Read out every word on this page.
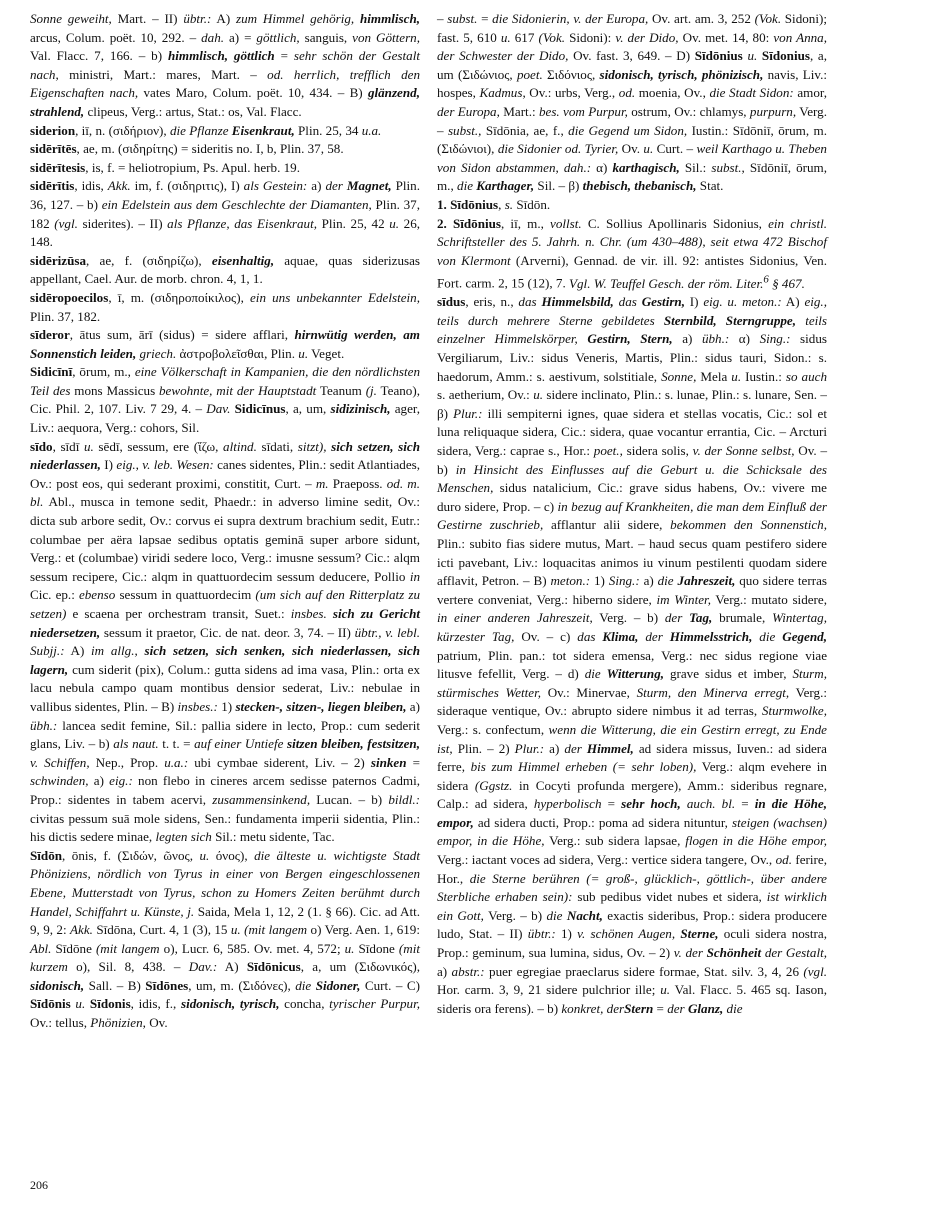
Sonne geweiht, Mart. – II) übtr.: A) zum Himmel gehörig, himmlisch, arcus, Colum. poët. 10, 292. – dah. a) = göttlich, sanguis, von Göttern, Val. Flacc. 7, 166. – b) himmlisch, göttlich = sehr schön der Gestalt nach, ministri, Mart.: mares, Mart. – od. herrlich, trefflich den Eigenschaften nach, vates Maro, Colum. poët. 10, 434. – B) glänzend, strahlend, clipeus, Verg.: artus, Stat.: os, Val. Flacc.

siderion, iī, n. (σιδήριον), die Pflanze Eisenkraut, Plin. 25, 34 u.a.

sidērītēs, ae, m. (σιδηρίτης) = sideritis no. I, b, Plin. 37, 58.

sidērītesis, is, f. = heliotropium, Ps. Apul. herb. 19.

sidērītis, idis, Akk. im, f. (σιδηριτις), I) als Gestein: a) der Magnet, Plin. 36, 127. – b) ein Edelstein aus dem Geschlechte der Diamanten, Plin. 37, 182 (vgl. siderites). – II) als Pflanze, das Eisenkraut, Plin. 25, 42 u. 26, 148.

sidērizūsa, ae, f. (σιδηρίζω), eisenhaltig, aquae, quas siderizusas appellant, Cael. Aur. de morb. chron. 4, 1, 1.

sidēropoecilos, ī, m. (σιδηροποίκιλος), ein uns unbekannter Edelstein, Plin. 37, 182.

sīderor, ātus sum, ārī (sidus) = sidere afflari, hirnwütig werden, am Sonnenstich leiden, griech. ἀστροβολεῖσθαι, Plin. u. Veget.

Sidicīnī, ōrum, m., eine Völkerschaft in Kampanien, die den nördlichsten Teil des mons Massicus bewohnte, mit der Hauptstadt Teanum (j. Teano), Cic. Phil. 2, 107. Liv. 7 29, 4. – Dav. Sidicīnus, a, um, sidizinisch, ager, Liv.: aequora, Verg.: cohors, Sil.

sīdo, sīdī u. sēdī, sessum, ere (ἵζω, altind. sīdati, sitzt), sich setzen, sich niederlassen, I) eig., v. leb. Wesen: canes sidentes, Plin.: sedit Atlantiades, Ov.: post eos, qui sederant proximi, constitit, Curt. – m. Praeposs. od. m. bl. Abl., musca in temone sedit, Phaedr.: in adverso limine sedit, Ov.: dicta sub arbore sedit, Ov.: corvus ei supra dextrum brachium sedit, Eutr.: columbae per aëra lapsae sedibus optatis geminā super arbore sidunt, Verg.: et (columbae) viridi sedere loco, Verg.: imusne sessum? Cic.: alqm sessum recipere, Cic.: alqm in quattuordecim sessum deducere, Pollio in Cic. ep.: ebenso sessum in quattuordecim (um sich auf den Ritterplatz zu setzen) e scaena per orchestram transit, Suet.: insbes. sich zu Gericht niedersetzen, sessum it praetor, Cic. de nat. deor. 3, 74. – II) übtr., v. lebl. Subjj.: A) im allg., sich setzen, sich senken, sich niederlassen, sich lagern, cum siderit (pix), Colum.: gutta sidens ad ima vasa, Plin.: orta ex lacu nebula campo quam montibus densior sederat, Liv.: nebulae in vallibus sidentes, Plin. – B) insbes.: 1) stecken-, sitzen-, liegen bleiben, a) übh.: lancea sedit femine, Sil.: pallia sidere in lecto, Prop.: cum sederit glans, Liv. – b) als naut. t. t. = auf einer Untiefe sitzen bleiben, festsitzen, v. Schiffen, Nep., Prop. u.a.: ubi cymbae siderent, Liv. – 2) sinken = schwinden, a) eig.: non flebo in cineres arcem sedisse paternos Cadmi, Prop.: sidentes in tabem acervi, zusammensinkend, Lucan. – b) bildl.: civitas pessum suā mole sidens, Sen.: fundamenta imperii sidentia, Plin.: his dictis sedere minae, legten sich Sil.: metu sidente, Tac.

Sīdōn, ōnis, f. (Σιδών, ῶνος, u. όνος), die älteste u. wichtigste Stadt Phöniziens, nördlich von Tyrus in einer von Bergen eingeschlossenen Ebene, Mutterstadt von Tyrus, schon zu Homers Zeiten berühmt durch Handel, Schiffahrt u. Künste, j. Saida, Mela 1, 12, 2 (1. § 66). Cic. ad Att. 9, 9, 2: Akk. Sīdōna, Curt. 4, 1 (3), 15 u. (mit langem o) Verg. Aen. 1, 619: Abl. Sīdōne (mit langem o), Lucr. 6, 585. Ov. met. 4, 572; u. Sīdone (mit kurzem o), Sil. 8, 438. – Dav.: A) Sīdōnicus, a, um (Σιδωνικός), sidonisch, Sall. – B) Sīdōnes, um, m. (Σιδόνες), die Sidoner, Curt. – C) Sīdōnis u. Sīdonis, idis, f., sidonisch, tyrisch, concha, tyrischer Purpur, Ov.: tellus, Phönizien, Ov.

– subst. = die Sidonierin, v. der Europa, Ov. art. am. 3, 252 (Vok. Sidoni); fast. 5, 610 u. 617 (Vok. Sidoni): v. der Dido, Ov. met. 14, 80: von Anna, der Schwester der Dido, Ov. fast. 3, 649. – D) Sīdōnius u. Sīdonius, a, um (Σιδώνιος, poet. Σιδόνιος, sidonisch, tyrisch, phönizisch, navis, Liv.: hospes, Kadmus, Ov.: urbs, Verg., od. moenia, Ov., die Stadt Sidon: amor, der Europa, Mart.: bes. vom Purpur, ostrum, Ov.: chlamys, purpurn, Verg. – subst., Sīdōnia, ae, f., die Gegend um Sidon, Iustin.: Sīdōniī, ōrum, m. (Σιδώνιοι), die Sidonier od. Tyrier, Ov. u. Curt. – weil Karthago u. Theben von Sidon abstammen, dah.: α) karthagisch, Sil.: subst., Sīdōniī, ōrum, m., die Karthager, Sil. – β) thebisch, thebanisch, Stat.

1. Sīdōnius, s. Sīdōn.

2. Sīdōnius, iī, m., vollst. C. Sollius Apollinaris Sidonius, ein christl. Schriftsteller des 5. Jahrh. n. Chr. (um 430–488), seit etwa 472 Bischof von Klermont (Arverni), Gennad. de vir. ill. 92: antistes Sidonius, Ven. Fort. carm. 2, 15 (12), 7. Vgl. W. Teuffel Gesch. der röm. Liter.$^6$ § 467.

sīdus, eris, n., das Himmelsbild, das Gestirn, I) eig. u. meton.: A) eig., teils durch mehrere Sterne gebildetes Sternbild, Sterngruppe, teils einzelner Himmelskörper, Gestirn, Stern, a) übh.: α) Sing.: sidus Vergiliarum, Liv.: sidus Veneris, Martis, Plin.: sidus tauri, Sidon.: s. haedorum, Amm.: s. aestivum, solstitiale, Sonne, Mela u. Iustin.: so auch s. aetherium, Ov.: u. sidere inclinato, Plin.: s. lunae, Plin.: s. lunare, Sen. – β) Plur.: illi sempiterni ignes, quae sidera et stellas vocatis, Cic.: sol et luna reliquaque sidera, Cic.: sidera, quae vocantur errantia, Cic. – Arcturi sidera, Verg.: caprae s., Hor.: poet., sidera solis, v. der Sonne selbst, Ov. – b) in Hinsicht des Einflusses auf die Geburt u. die Schicksale des Menschen, sidus natalicium, Cic.: grave sidus habens, Ov.: vivere me duro sidere, Prop. – c) in bezug auf Krankheiten, die man dem Einfluß der Gestirne zuschrieb, afflantur alii sidere, bekommen den Sonnenstich, Plin.: subito fias sidere mutus, Mart. – haud secus quam pestifero sidere icti pavebant, Liv.: loquacitas animos iu vinum pestilenti quodam sidere afflavit, Petron. – B) meton.: 1) Sing.: a) die Jahreszeit, quo sidere terras vertere conveniat, Verg.: hiberno sidere, im Winter, Verg.: mutato sidere, in einer anderen Jahreszeit, Verg. – b) der Tag, brumale, Wintertag, kürzester Tag, Ov. – c) das Klima, der Himmelsstrich, die Gegend, patrium, Plin. pan.: tot sidera emensa, Verg.: nec sidus regione viae litusve fefellit, Verg. – d) die Witterung, grave sidus et imber, Sturm, stürmisches Wetter, Ov.: Minervae, Sturm, den Minerva erregt, Verg.: sideraque ventique, Ov.: abrupto sidere nimbus it ad terras, Sturmwolke, Verg.: s. confectum, wenn die Witterung, die ein Gestirn erregt, zu Ende ist, Plin. – 2) Plur.: a) der Himmel, ad sidera missus, Iuven.: ad sidera ferre, bis zum Himmel erheben (= sehr loben), Verg.: alqm evehere in sidera (Ggstz. in Cocyti profunda mergere), Amm.: sideribus regnare, Calp.: ad sidera, hyperbolisch = sehr hoch, auch. bl. = in die Höhe, empor, ad sidera ducti, Prop.: poma ad sidera nituntur, steigen (wachsen) empor, in die Höhe, Verg.: sub sidera lapsae, flogen in die Höhe empor, Verg.: iactant voces ad sidera, Verg.: vertice sidera tangere, Ov., od. ferire, Hor., die Sterne berühren (= groß-, glücklich-, göttlich-, über andere Sterbliche erhaben sein): sub pedibus videt nubes et sidera, ist wirklich ein Gott, Verg. – b) die Nacht, exactis sideribus, Prop.: sidera producere ludo, Stat. – II) übtr.: 1) v. schönen Augen, Sterne, oculi sidera nostra, Prop.: geminum, sua lumina, sidus, Ov. – 2) v. der Schönheit der Gestalt, a) abstr.: puer egregiae praeclarus sidere formae, Stat. silv. 3, 4, 26 (vgl. Hor. carm. 3, 9, 21 sidere pulchrior ille; u. Val. Flacc. 5. 465 sq. Iason, sideris ora ferens). – b) konkret, derStern = der Glanz, die

206
